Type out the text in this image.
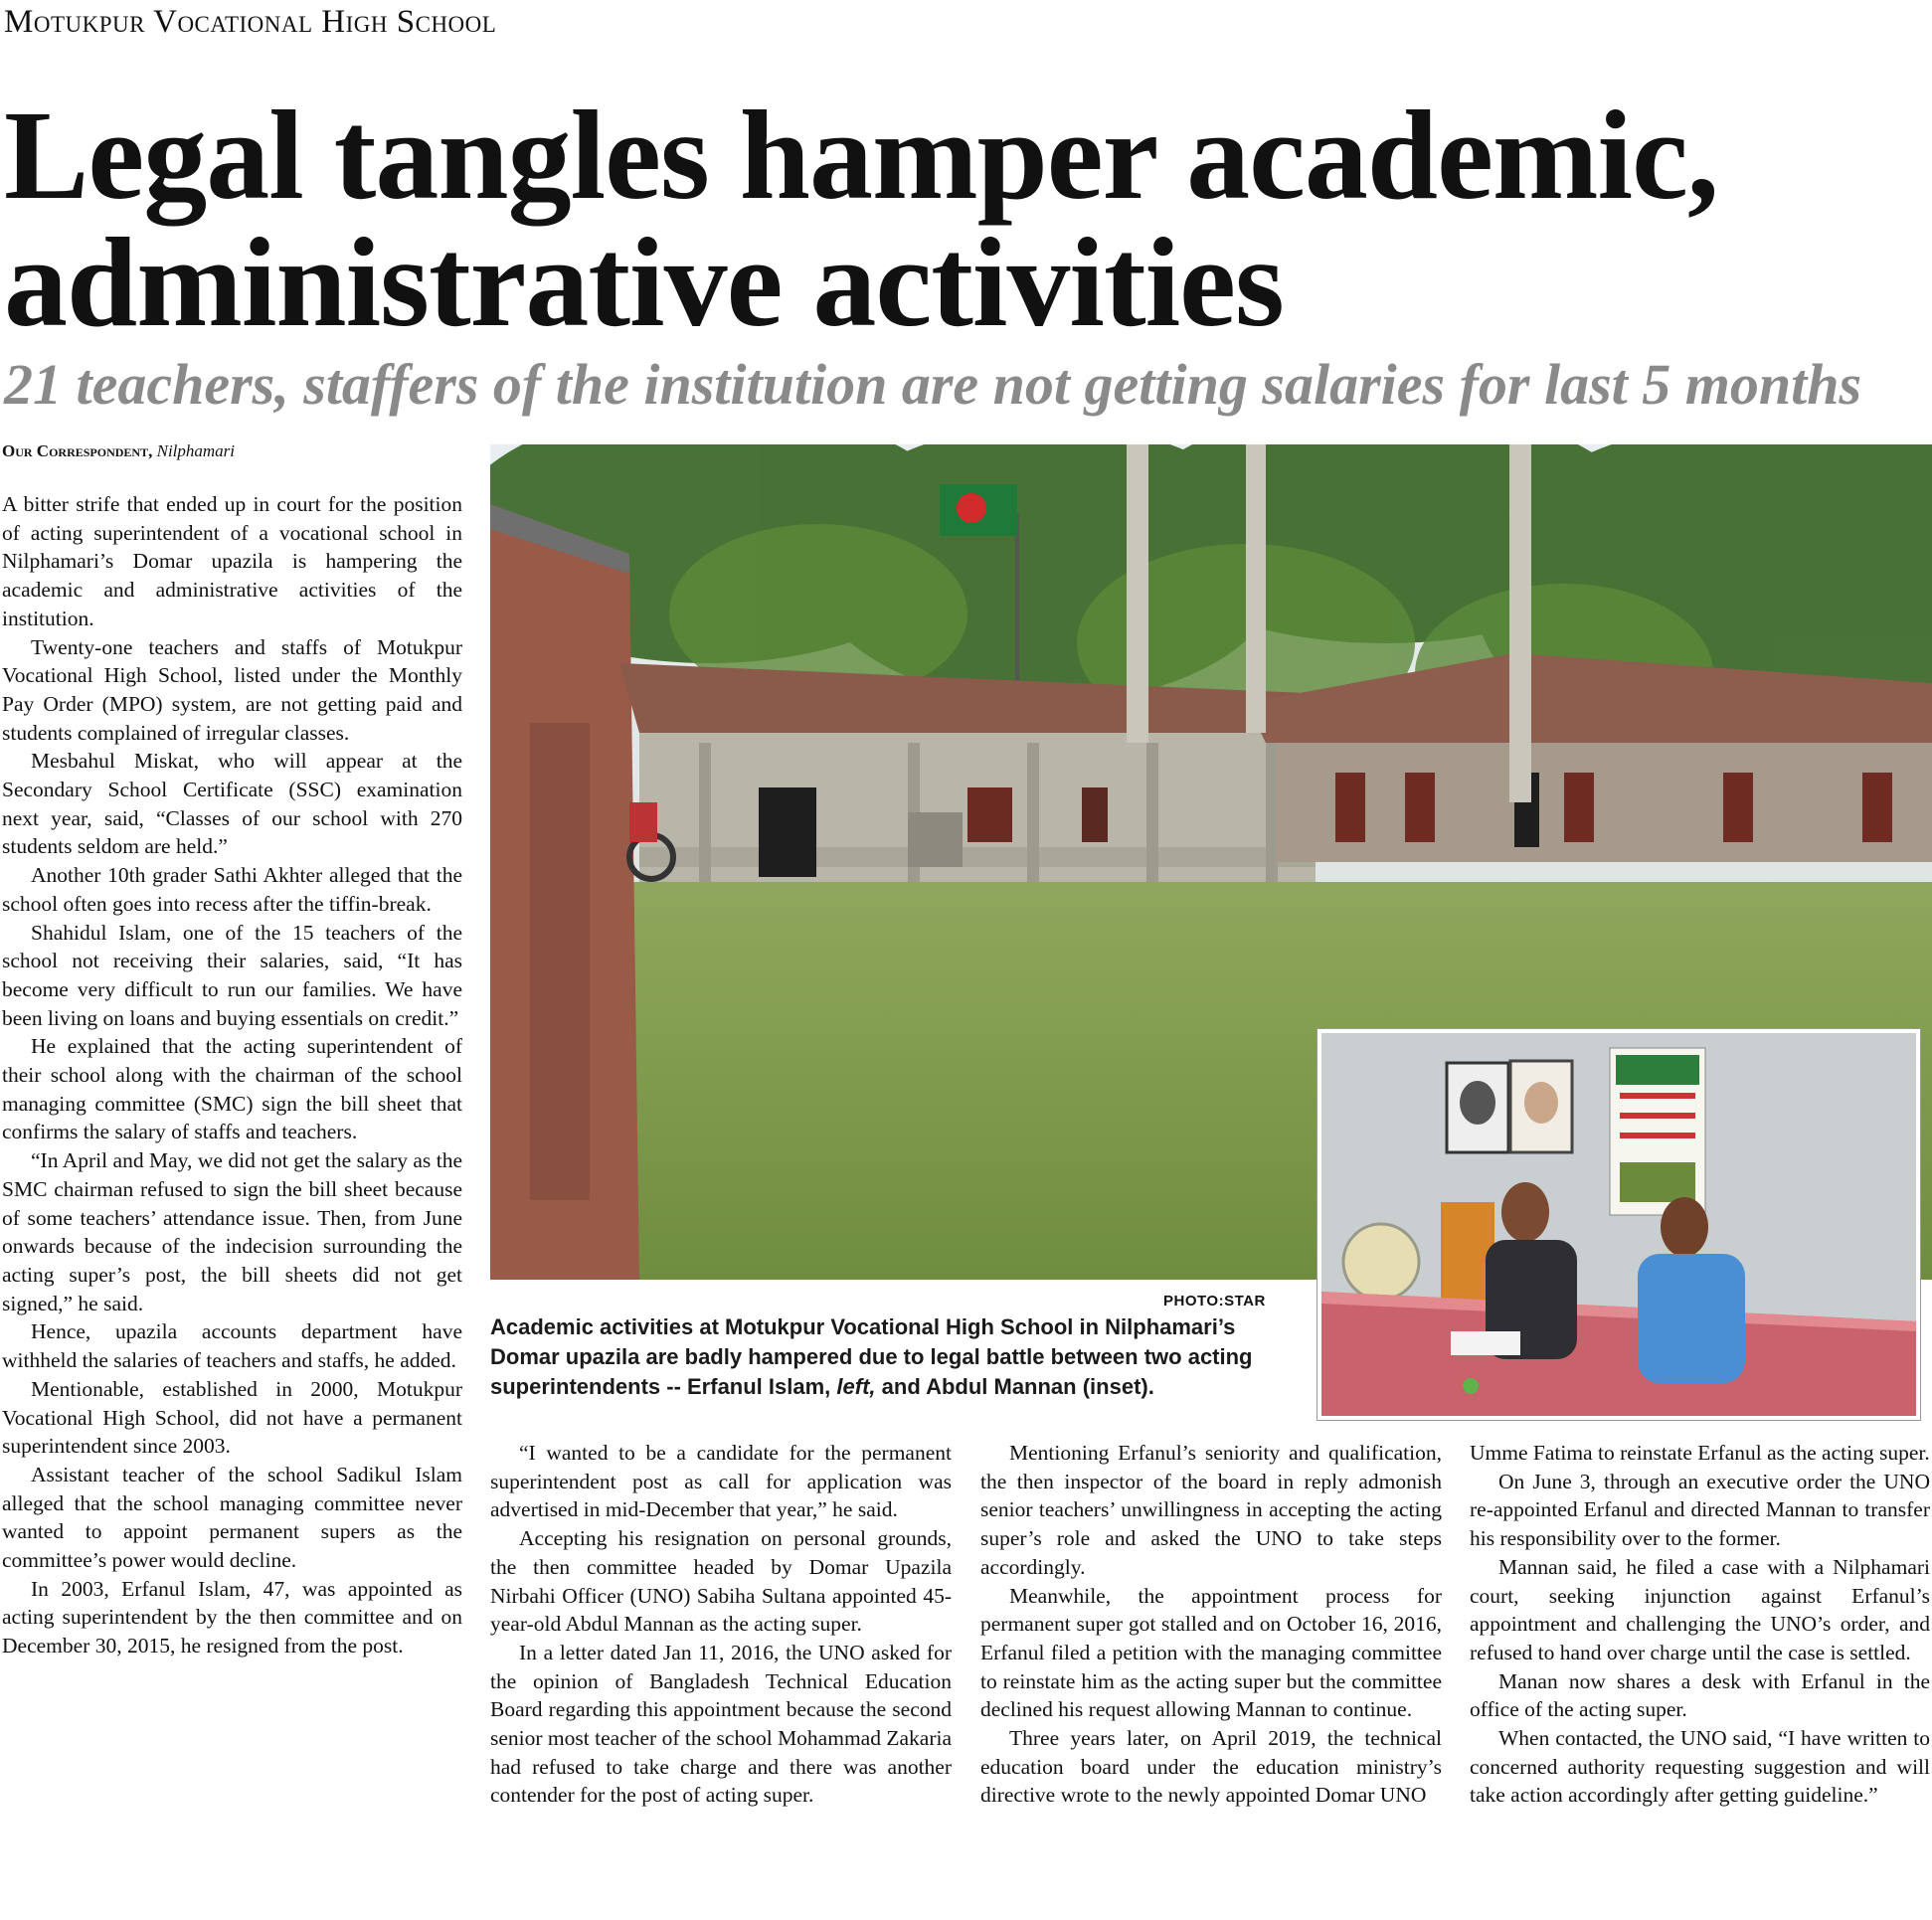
Motukpur Vocational High School
Legal tangles hamper academic,
administrative activities
21 teachers, staffers of the institution are not getting salaries for last 5 months
Our Correspondent, Nilphamari

A bitter strife that ended up in court for the position of acting superintendent of a vocational school in Nilphamari’s Domar upazila is hampering the academic and administrative activities of the institution.

Twenty-one teachers and staffs of Motukpur Vocational High School, listed under the Monthly Pay Order (MPO) system, are not getting paid and students complained of irregular classes.

Mesbahul Miskat, who will appear at the Secondary School Certificate (SSC) examination next year, said, “Classes of our school with 270 students seldom are held.”

Another 10th grader Sathi Akhter alleged that the school often goes into recess after the tiffin-break.

Shahidul Islam, one of the 15 teachers of the school not receiving their salaries, said, “It has become very difficult to run our families. We have been living on loans and buying essentials on credit.”

He explained that the acting superintendent of their school along with the chairman of the school managing committee (SMC) sign the bill sheet that confirms the salary of staffs and teachers.

“In April and May, we did not get the salary as the SMC chairman refused to sign the bill sheet because of some teachers’ attendance issue. Then, from June onwards because of the indecision surrounding the acting super’s post, the bill sheets did not get signed,” he said.

Hence, upazila accounts department have withheld the salaries of teachers and staffs, he added.

Mentionable, established in 2000, Motukpur Vocational High School, did not have a permanent superintendent since 2003.

Assistant teacher of the school Sadikul Islam alleged that the school managing committee never wanted to appoint permanent supers as the committee’s power would decline.

In 2003, Erfanul Islam, 47, was appointed as acting superintendent by the then committee and on December 30, 2015, he resigned from the post.

PHOTO:STAR
Academic activities at Motukpur Vocational High School in Nilphamari’s Domar upazila are badly hampered due to legal battle between two acting superintendents -- Erfanul Islam, left, and Abdul Mannan (inset).

“I wanted to be a candidate for the permanent superintendent post as call for application was advertised in mid-December that year,” he said.

Accepting his resignation on personal grounds, the then committee headed by Domar Upazila Nirbahi Officer (UNO) Sabiha Sultana appointed 45-year-old Abdul Mannan as the acting super.

In a letter dated Jan 11, 2016, the UNO asked for the opinion of Bangladesh Technical Education Board regarding this appointment because the second senior most teacher of the school Mohammad Zakaria had refused to take charge and there was another contender for the post of acting super.

Mentioning Erfanul’s seniority and qualification, the then inspector of the board in reply admonish senior teachers’ unwillingness in accepting the acting super’s role and asked the UNO to take steps accordingly.

Meanwhile, the appointment process for permanent super got stalled and on October 16, 2016, Erfanul filed a petition with the managing committee to reinstate him as the acting super but the committee declined his request allowing Mannan to continue.

Three years later, on April 2019, the technical education board under the education ministry’s directive wrote to the newly appointed Domar UNO

Umme Fatima to reinstate Erfanul as the acting super.

On June 3, through an executive order the UNO re-appointed Erfanul and directed Mannan to transfer his responsibility over to the former.

Mannan said, he filed a case with a Nilphamari court, seeking injunction against Erfanul’s appointment and challenging the UNO’s order, and refused to hand over charge until the case is settled.

Manan now shares a desk with Erfanul in the office of the acting super.

When contacted, the UNO said, “I have written to concerned authority requesting suggestion and will take action accordingly after getting guideline.”
